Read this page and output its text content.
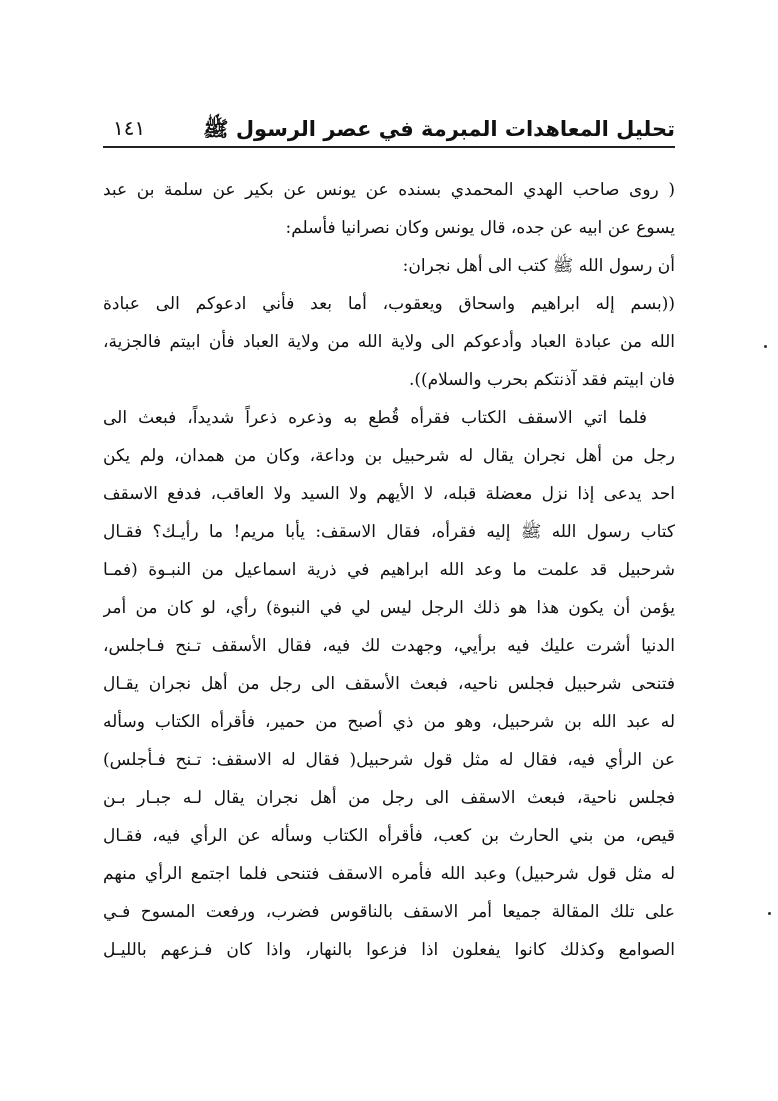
تحليل المعاهدات المبرمة في عصر الرسول ﷺ
١٤١
( روى صاحب الهدي المحمدي بسنده عن يونس عن بكير عن سلمة بن عبد
يسوع عن ابيه عن جده، قال يونس وكان نصرانيا فأسلم:
أن رسول الله ﷺ كتب الى أهل نجران:
((بسم إله ابراهيم واسحاق ويعقوب، أما بعد فأني ادعوكم الى عبادة
الله من عبادة العباد وأدعوكم الى ولاية الله من ولاية العباد فأن ابيتم فالجزية،
فان ابيتم فقد آذنتكم بحرب والسلام)).
فلما اتي الاسقف الكتاب فقرأه قُطع به وذعره ذعراً شديداً، فبعث الى
رجل من أهل نجران يقال له شرحبيل بن وداعة، وكان من همدان، ولم يكن
احد يدعى إذا نزل معضلة قبله، لا الأيهم ولا السيد ولا العاقب، فدفع الاسقف
كتاب رسول الله ﷺ إليه فقرأه، فقال الاسقف: يأبا مريم! ما رأيـك؟ فقـال
شرحبيل قد علمت ما وعد الله ابراهيم في ذرية اسماعيل من النبـوة (فمـا
يؤمن أن يكون هذا هو ذلك الرجل ليس لي في النبوة) رأي، لو كان من أمر
الدنيا أشرت عليك فيه برأيي، وجهدت لك فيه، فقال الأسقف تـنح فـاجلس،
فتنحى شرحبيل فجلس ناحيه، فبعث الأسقف الى رجل من أهل نجران يقـال
له عبد الله بن شرحبيل، وهو من ذي أصبح من حمير، فأقرأه الكتاب وسأله
عن الرأي فيه، فقال له مثل قول شرحبيل( فقال له الاسقف: تـنح فـأجلس)
فجلس ناحية، فبعث الاسقف الى رجل من أهل نجران يقال لـه جبـار بـن
قيص، من بني الحارث بن كعب، فأقرأه الكتاب وسأله عن الرأي فيه، فقـال
له مثل قول شرحبيل) وعبد الله فأمره الاسقف فتنحى فلما اجتمع الرأي منهم
على تلك المقالة جميعا أمر الاسقف بالناقوس فضرب، ورفعت المسوح فـي
الصوامع وكذلك كانوا يفعلون اذا فزعوا بالنهار، واذا كان فـزعهم بالليـل
